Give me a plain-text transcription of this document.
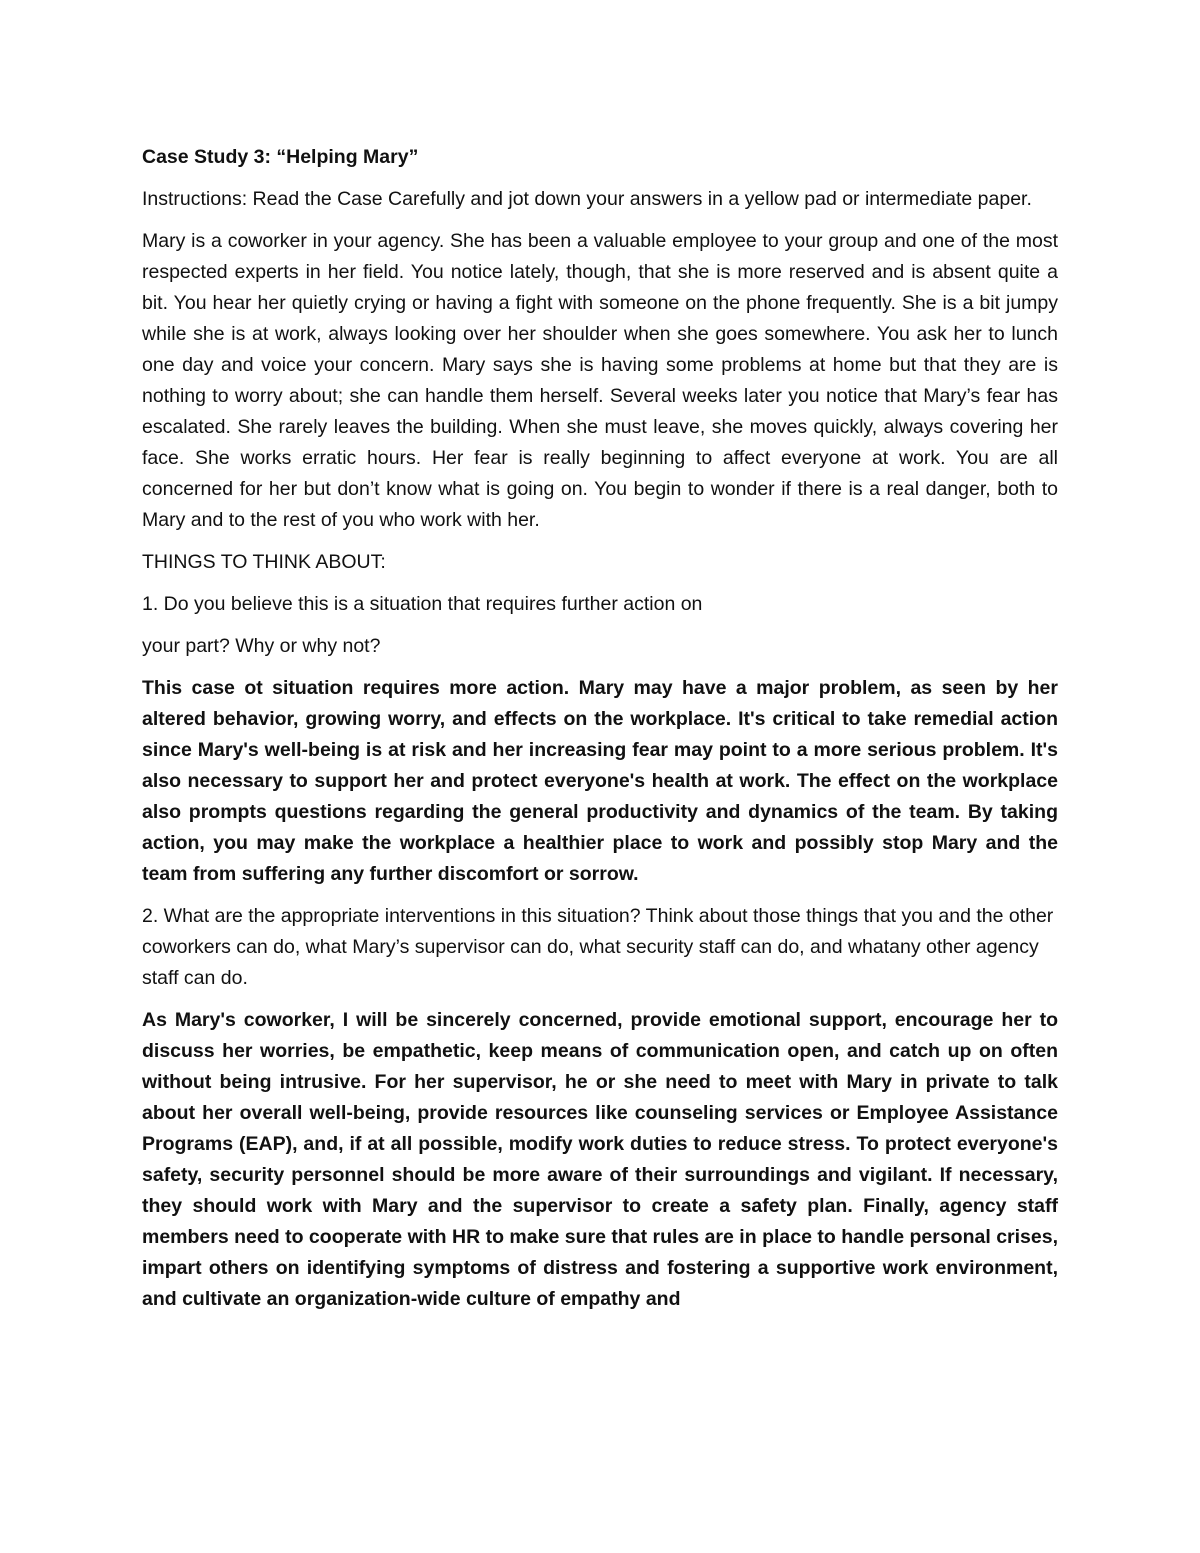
Case Study 3: “Helping Mary”

Instructions: Read the Case Carefully and jot down your answers in a yellow pad or intermediate paper.

Mary is a coworker in your agency. She has been a valuable employee to your group and one of the most respected experts in her field. You notice lately, though, that she is more reserved and is absent quite a bit. You hear her quietly crying or having a fight with someone on the phone frequently. She is a bit jumpy while she is at work, always looking over her shoulder when she goes somewhere. You ask her to lunch one day and voice your concern. Mary says she is having some problems at home but that they are is nothing to worry about; she can handle them herself. Several weeks later you notice that Mary’s fear has escalated. She rarely leaves the building. When she must leave, she moves quickly, always covering her face. She works erratic hours. Her fear is really beginning to affect everyone at work. You are all concerned for her but don’t know what is going on. You begin to wonder if there is a real danger, both to Mary and to the rest of you who work with her.

THINGS TO THINK ABOUT:

1. Do you believe this is a situation that requires further action on

your part? Why or why not?

This case ot situation requires more action. Mary may have a major problem, as seen by her altered behavior, growing worry, and effects on the workplace. It's critical to take remedial action since Mary's well-being is at risk and her increasing fear may point to a more serious problem. It's also necessary to support her and protect everyone's health at work. The effect on the workplace also prompts questions regarding the general productivity and dynamics of the team. By taking action, you may make the workplace a healthier place to work and possibly stop Mary and the team from suffering any further discomfort or sorrow.

2. What are the appropriate interventions in this situation? Think about those things that you and the other coworkers can do, what Mary’s supervisor can do, what security staff can do, and whatany other agency staff can do.

As Mary's coworker, I will be sincerely concerned, provide emotional support, encourage her to discuss her worries, be empathetic, keep means of communication open, and catch up on often without being intrusive. For her supervisor, he or she need to meet with Mary in private to talk about her overall well-being, provide resources like counseling services or Employee Assistance Programs (EAP), and, if at all possible, modify work duties to reduce stress. To protect everyone's safety, security personnel should be more aware of their surroundings and vigilant. If necessary, they should work with Mary and the supervisor to create a safety plan. Finally, agency staff members need to cooperate with HR to make sure that rules are in place to handle personal crises, impart others on identifying symptoms of distress and fostering a supportive work environment, and cultivate an organization-wide culture of empathy and
